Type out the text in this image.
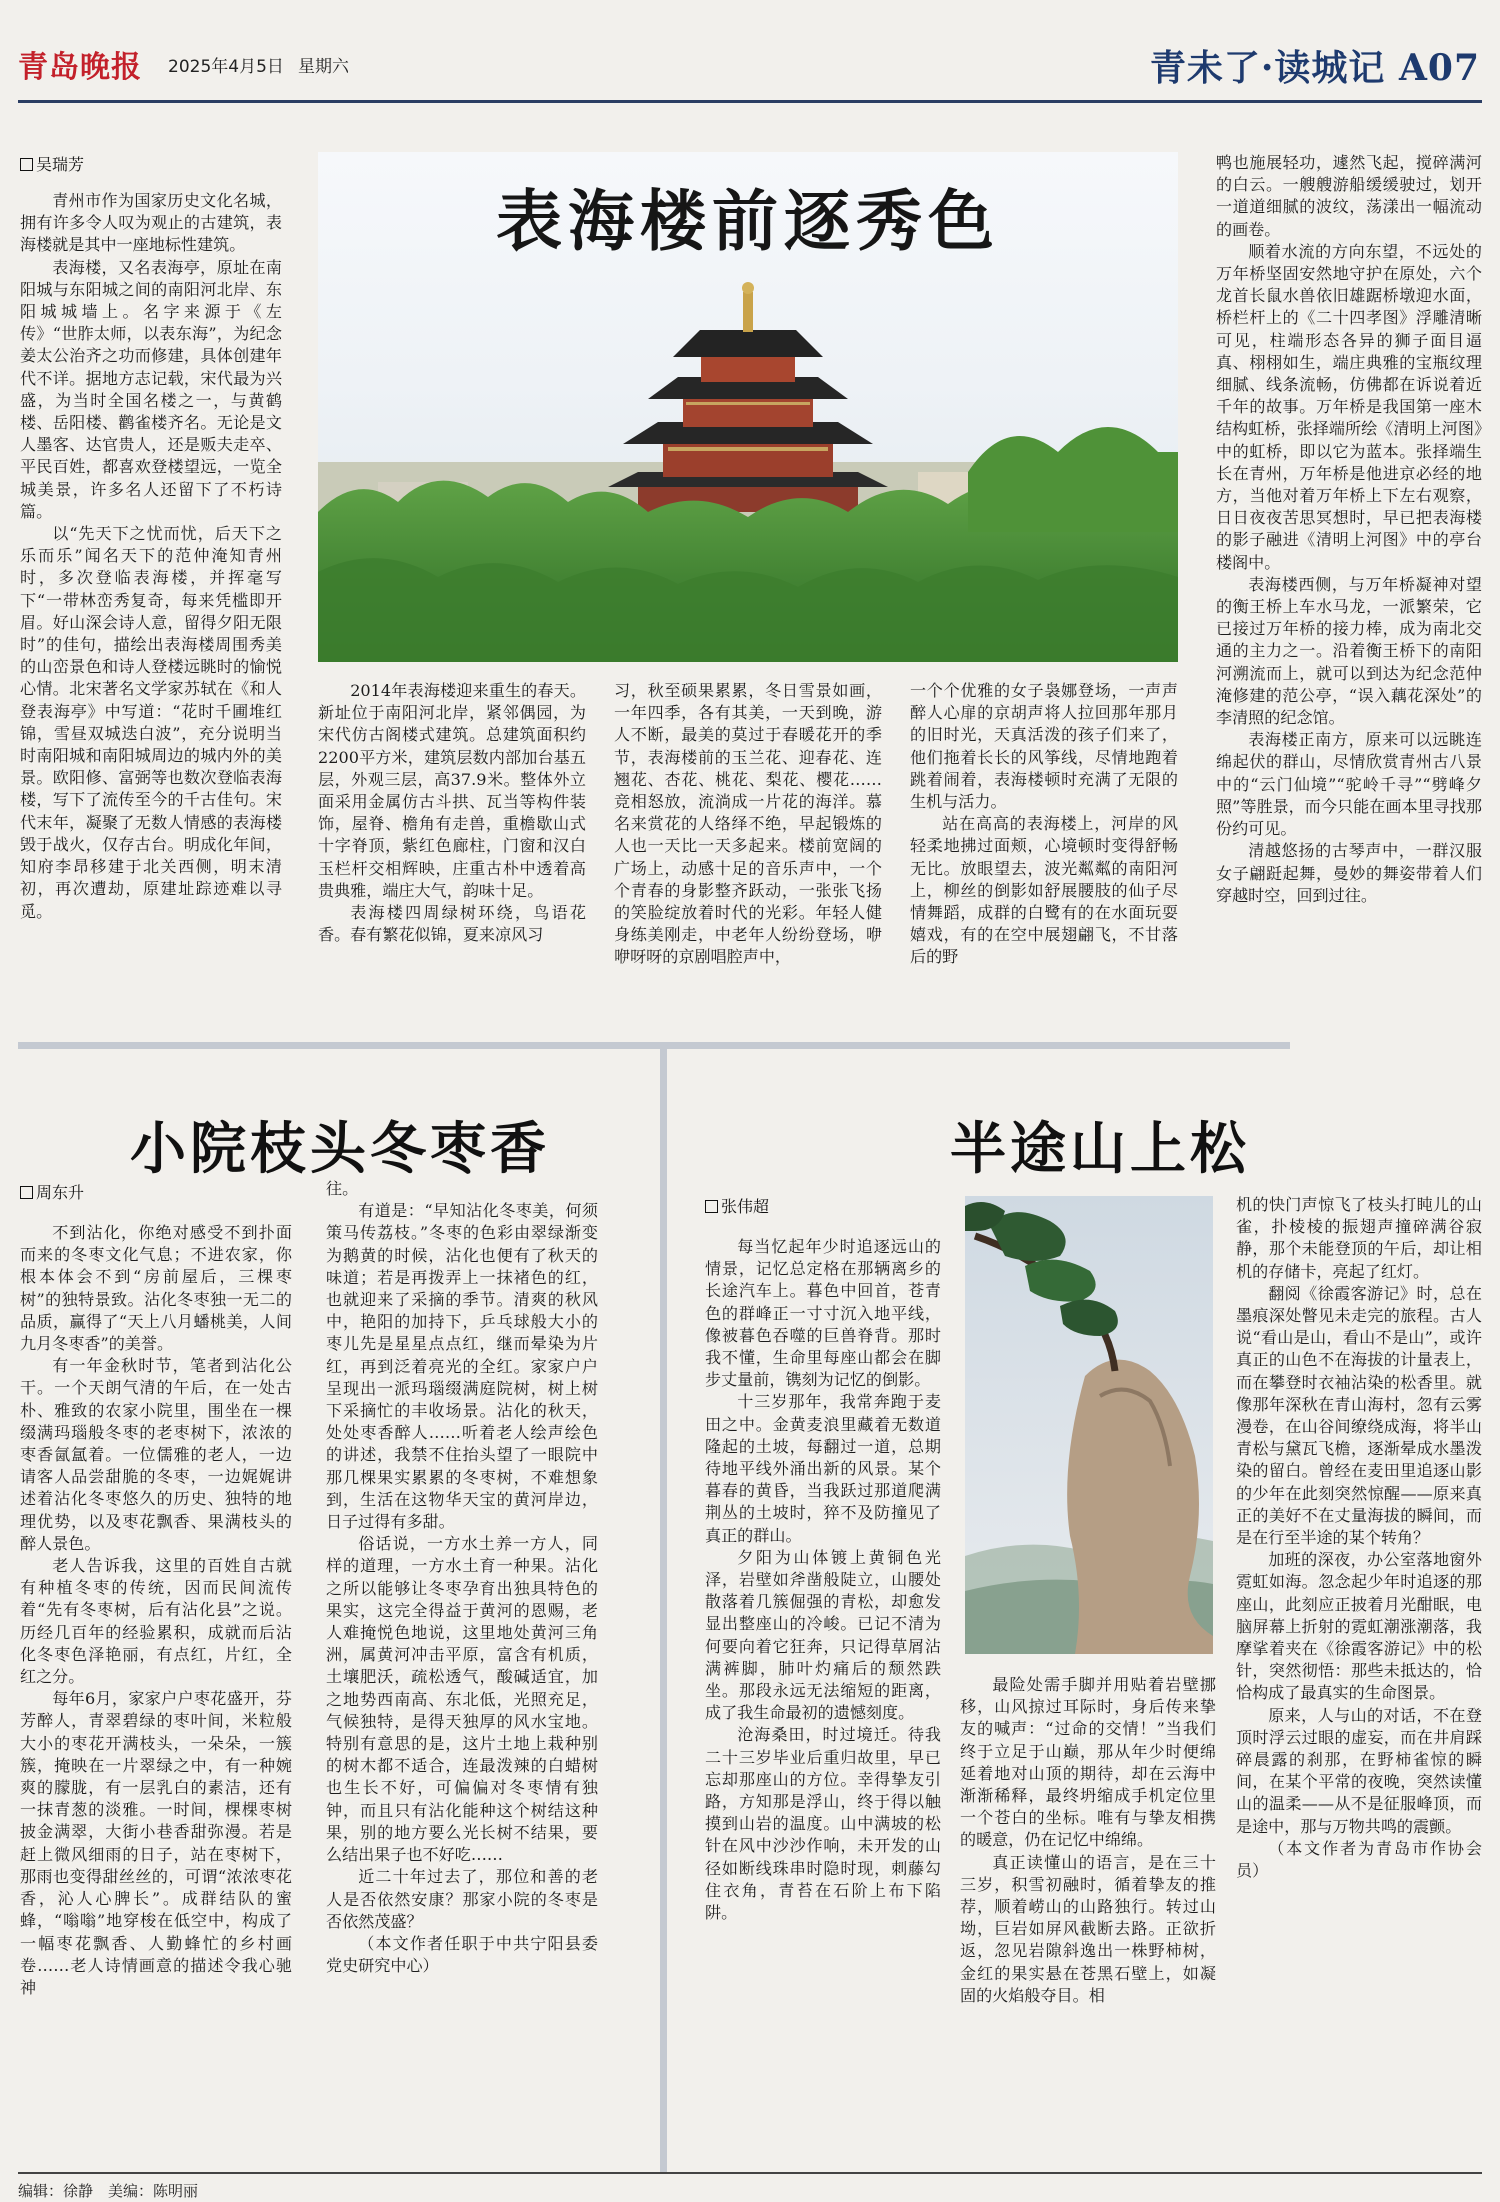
青岛晚报 2025年4月5日 星期六	青未了·读城记 A07
吴瑞芳

青州市作为国家历史文化名城，拥有许多令人叹为观止的古建筑，表海楼就是其中一座地标性建筑。

表海楼，又名表海亭，原址在南阳城与东阳城之间的南阳河北岸、东阳城城墙上。名字来源于《左传》“世胙太师，以表东海”，为纪念姜太公治齐之功而修建，具体创建年代不详。据地方志记载，宋代最为兴盛，为当时全国名楼之一，与黄鹤楼、岳阳楼、鹳雀楼齐名。无论是文人墨客、达官贵人，还是贩夫走卒、平民百姓，都喜欢登楼望远，一览全城美景，许多名人还留下了不朽诗篇。

以“先天下之忧而忧，后天下之乐而乐”闻名天下的范仲淹知青州时，多次登临表海楼，并挥毫写下“一带林峦秀复奇，每来凭槛即开眉。好山深会诗人意，留得夕阳无限时”的佳句，描绘出表海楼周围秀美的山峦景色和诗人登楼远眺时的愉悦心情。北宋著名文学家苏轼在《和人登表海亭》中写道：“花时千圃堆红锦，雪昼双城迭白波”，充分说明当时南阳城和南阳城周边的城内外的美景。欧阳修、富弼等也数次登临表海楼，写下了流传至今的千古佳句。宋代末年，凝聚了无数人情感的表海楼毁于战火，仅存古台。明成化年间，知府李昂移建于北关西侧，明末清初，再次遭劫，原建址踪迹难以寻觅。

表海楼前逐秀色

2014年表海楼迎来重生的春天。新址位于南阳河北岸，紧邻偶园，为宋代仿古阁楼式建筑。总建筑面积约2200平方米，建筑层数内部加台基五层，外观三层，高37.9米。整体外立面采用金属仿古斗拱、瓦当等构件装饰，屋脊、檐角有走兽，重檐歇山式十字脊顶，紫红色廊柱，门窗和汉白玉栏杆交相辉映，庄重古朴中透着高贵典雅，端庄大气，韵味十足。

表海楼四周绿树环绕，鸟语花香。春有繁花似锦，夏来凉风习

习，秋至硕果累累，冬日雪景如画，一年四季，各有其美，一天到晚，游人不断，最美的莫过于春暖花开的季节，表海楼前的玉兰花、迎春花、连翘花、杏花、桃花、梨花、樱花……竞相怒放，流淌成一片花的海洋。慕名来赏花的人络绎不绝，早起锻炼的人也一天比一天多起来。楼前宽阔的广场上，动感十足的音乐声中，一个个青春的身影整齐跃动，一张张飞扬的笑脸绽放着时代的光彩。年轻人健身练美刚走，中老年人纷纷登场，咿咿呀呀的京剧唱腔声中，

一个个优雅的女子袅娜登场，一声声醉人心扉的京胡声将人拉回那年那月的旧时光，天真活泼的孩子们来了，他们拖着长长的风筝线，尽情地跑着跳着闹着，表海楼顿时充满了无限的生机与活力。

站在高高的表海楼上，河岸的风轻柔地拂过面颊，心境顿时变得舒畅无比。放眼望去，波光粼粼的南阳河上，柳丝的倒影如舒展腰肢的仙子尽情舞蹈，成群的白鹭有的在水面玩耍嬉戏，有的在空中展翅翩飞，不甘落后的野

鸭也施展轻功，遽然飞起，搅碎满河的白云。一艘艘游船缓缓驶过，划开一道道细腻的波纹，荡漾出一幅流动的画卷。

顺着水流的方向东望，不远处的万年桥坚固安然地守护在原处，六个龙首长鼠水兽依旧雄踞桥墩迎水面，桥栏杆上的《二十四孝图》浮雕清晰可见，柱端形态各异的狮子面目逼真、栩栩如生，端庄典雅的宝瓶纹理细腻、线条流畅，仿佛都在诉说着近千年的故事。万年桥是我国第一座木结构虹桥，张择端所绘《清明上河图》中的虹桥，即以它为蓝本。张择端生长在青州，万年桥是他进京必经的地方，当他对着万年桥上下左右观察，日日夜夜苦思冥想时，早已把表海楼的影子融进《清明上河图》中的亭台楼阁中。

表海楼西侧，与万年桥凝神对望的衡王桥上车水马龙，一派繁荣，它已接过万年桥的接力棒，成为南北交通的主力之一。沿着衡王桥下的南阳河溯流而上，就可以到达为纪念范仲淹修建的范公亭，“误入藕花深处”的李清照的纪念馆。

表海楼正南方，原来可以远眺连绵起伏的群山，尽情欣赏青州古八景中的“云门仙境”“驼岭千寻”“劈峰夕照”等胜景，而今只能在画本里寻找那份约可见。

清越悠扬的古琴声中，一群汉服女子翩跹起舞，曼妙的舞姿带着人们穿越时空，回到过往。

小院枝头冬枣香
周东升

不到沾化，你绝对感受不到扑面而来的冬枣文化气息；不进农家，你根本体会不到“房前屋后，三棵枣树”的独特景致。沾化冬枣独一无二的品质，赢得了“天上八月蟠桃美，人间九月冬枣香”的美誉。

有一年金秋时节，笔者到沾化公干。一个天朗气清的午后，在一处古朴、雅致的农家小院里，围坐在一棵缀满玛瑙般冬枣的老枣树下，浓浓的枣香氤氲着。一位儒雅的老人，一边请客人品尝甜脆的冬枣，一边娓娓讲述着沾化冬枣悠久的历史、独特的地理优势，以及枣花飘香、果满枝头的醉人景色。

老人告诉我，这里的百姓自古就有种植冬枣的传统，因而民间流传着“先有冬枣树，后有沾化县”之说。历经几百年的经验累积，成就而后沾化冬枣色泽艳丽，有点红，片红，全红之分。

每年6月，家家户户枣花盛开，芬芳醉人，青翠碧绿的枣叶间，米粒般大小的枣花开满枝头，一朵朵，一簇簇，掩映在一片翠绿之中，有一种婉爽的朦胧，有一层乳白的素洁，还有一抹青葱的淡雅。一时间，棵棵枣树披金满翠，大街小巷香甜弥漫。若是赶上微风细雨的日子，站在枣树下，那雨也变得甜丝丝的，可谓“浓浓枣花香，沁人心脾长”。成群结队的蜜蜂，“嗡嗡”地穿梭在低空中，构成了一幅枣花飘香、人勤蜂忙的乡村画卷……老人诗情画意的描述令我心驰神

往。

有道是：“早知沾化冬枣美，何须策马传荔枝。”冬枣的色彩由翠绿渐变为鹅黄的时候，沾化也便有了秋天的味道；若是再拨弄上一抹褚色的红，也就迎来了采摘的季节。清爽的秋风中，艳阳的加持下，乒乓球般大小的枣儿先是星星点点红，继而晕染为片红，再到泛着亮光的全红。家家户户呈现出一派玛瑙缀满庭院树，树上树下采摘忙的丰收场景。沾化的秋天，处处枣香醉人……听着老人绘声绘色的讲述，我禁不住抬头望了一眼院中那几棵果实累累的冬枣树，不难想象到，生活在这物华天宝的黄河岸边，日子过得有多甜。

俗话说，一方水土养一方人，同样的道理，一方水土育一种果。沾化之所以能够让冬枣孕育出独具特色的果实，这完全得益于黄河的恩赐，老人难掩悦色地说，这里地处黄河三角洲，属黄河冲击平原，富含有机质，土壤肥沃，疏松透气，酸碱适宜，加之地势西南高、东北低，光照充足，气候独特，是得天独厚的风水宝地。特别有意思的是，这片土地上栽种别的树木都不适合，连最泼辣的白蜡树也生长不好，可偏偏对冬枣情有独钟，而且只有沾化能种这个树结这种果，别的地方要么光长树不结果，要么结出果子也不好吃……

近二十年过去了，那位和善的老人是否依然安康？那家小院的冬枣是否依然茂盛？

（本文作者任职于中共宁阳县委党史研究中心）

半途山上松
张伟超

每当忆起年少时追逐远山的情景，记忆总定格在那辆离乡的长途汽车上。暮色中回首，苍青色的群峰正一寸寸沉入地平线，像被暮色吞噬的巨兽脊背。那时我不懂，生命里每座山都会在脚步丈量前，镌刻为记忆的倒影。

十三岁那年，我常奔跑于麦田之中。金黄麦浪里藏着无数道隆起的土坡，每翻过一道，总期待地平线外涌出新的风景。某个暮春的黄昏，当我跃过那道爬满荆丛的土坡时，猝不及防撞见了真正的群山。

夕阳为山体镀上黄铜色光泽，岩壁如斧凿般陡立，山腰处散落着几簇倔强的青松，却愈发显出整座山的冷峻。已记不清为何要向着它狂奔，只记得草屑沾满裤脚，肺叶灼痛后的颓然跌坐。那段永远无法缩短的距离，成了我生命最初的遗憾刻度。

沧海桑田，时过境迁。待我二十三岁毕业后重归故里，早已忘却那座山的方位。幸得挚友引路，方知那是浮山，终于得以触摸到山岩的温度。山中满坡的松针在风中沙沙作响，未开发的山径如断线珠串时隐时现，刺藤勾住衣角，青苔在石阶上布下陷阱。

最险处需手脚并用贴着岩壁挪移，山风掠过耳际时，身后传来挚友的喊声：“过命的交情！”当我们终于立足于山巅，那从年少时便绵延着地对山顶的期待，却在云海中渐渐稀释，最终坍缩成手机定位里一个苍白的坐标。唯有与挚友相携的暖意，仍在记忆中绵绵。

真正读懂山的语言，是在三十三岁，积雪初融时，循着挚友的推荐，顺着崂山的山路独行。转过山坳，巨岩如屏风截断去路。正欲折返，忽见岩隙斜逸出一株野柿树，金红的果实悬在苍黑石壁上，如凝固的火焰般夺目。相

机的快门声惊飞了枝头打盹儿的山雀，扑棱棱的振翅声撞碎满谷寂静，那个未能登顶的午后，却让相机的存储卡，亮起了红灯。

翻阅《徐霞客游记》时，总在墨痕深处瞥见未走完的旅程。古人说“看山是山，看山不是山”，或许真正的山色不在海拔的计量表上，而在攀登时衣袖沾染的松香里。就像那年深秋在青山海村，忽有云雾漫卷，在山谷间缭绕成海，将半山青松与黛瓦飞檐，逐渐晕成水墨泼染的留白。曾经在麦田里追逐山影的少年在此刻突然惊醒——原来真正的美好不在丈量海拔的瞬间，而是在行至半途的某个转角？

加班的深夜，办公室落地窗外霓虹如海。忽念起少年时追逐的那座山，此刻应正披着月光酣眠，电脑屏幕上折射的霓虹潮涨潮落，我摩挲着夹在《徐霞客游记》中的松针，突然彻悟：那些未抵达的，恰恰构成了最真实的生命图景。

原来，人与山的对话，不在登顶时浮云过眼的虚妄，而在井肩踩碎晨露的刹那，在野柿雀惊的瞬间，在某个平常的夜晚，突然读懂山的温柔——从不是征服峰顶，而是途中，那与万物共鸣的震颤。

（本文作者为青岛市作协会员）

编辑：徐静　美编：陈明丽
